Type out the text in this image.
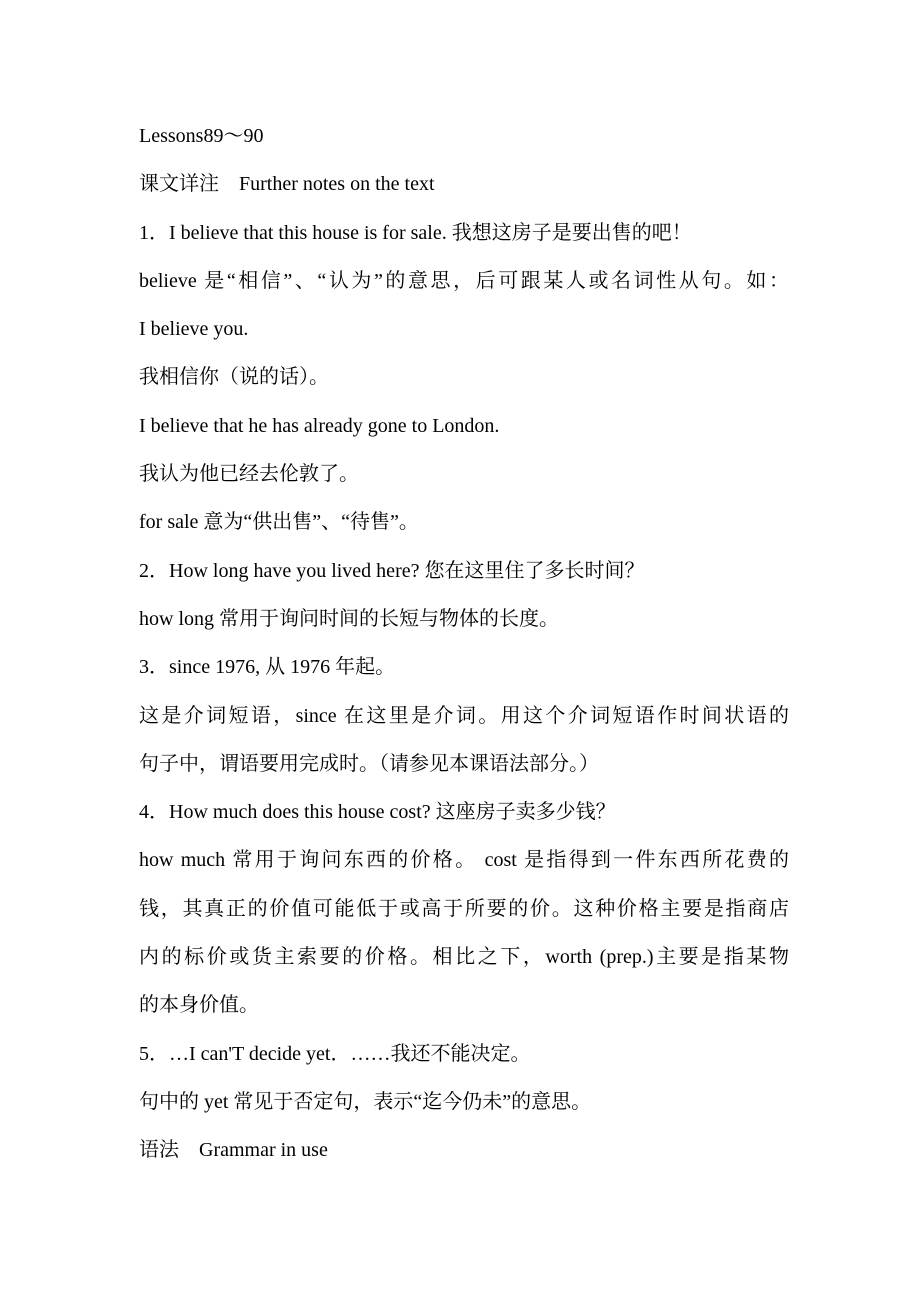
Lessons89～90
课文详注　Further notes on the text
1．I believe that this house is for sale. 我想这房子是要出售的吧！
believe 是“相信”、“认为”的意思，后可跟某人或名词性从句。如：
I believe you.
我相信你（说的话）。
I believe that he has already gone to London.
我认为他已经去伦敦了。
for sale 意为“供出售”、“待售”。
2．How long have you lived here? 您在这里住了多长时间？
how long 常用于询问时间的长短与物体的长度。
3．since 1976, 从 1976 年起。
这是介词短语，since 在这里是介词。用这个介词短语作时间状语的
句子中，谓语要用完成时。（请参见本课语法部分。）
4．How much does this house cost? 这座房子卖多少钱？
how much 常用于询问东西的价格。 cost 是指得到一件东西所花费的
钱，其真正的价值可能低于或高于所要的价。这种价格主要是指商店
内的标价或货主索要的价格。相比之下，worth (prep.)主要是指某物
的本身价值。
5．…I can'T decide yet．……我还不能决定。
句中的 yet 常见于否定句，表示“迄今仍未”的意思。
语法　Grammar in use
